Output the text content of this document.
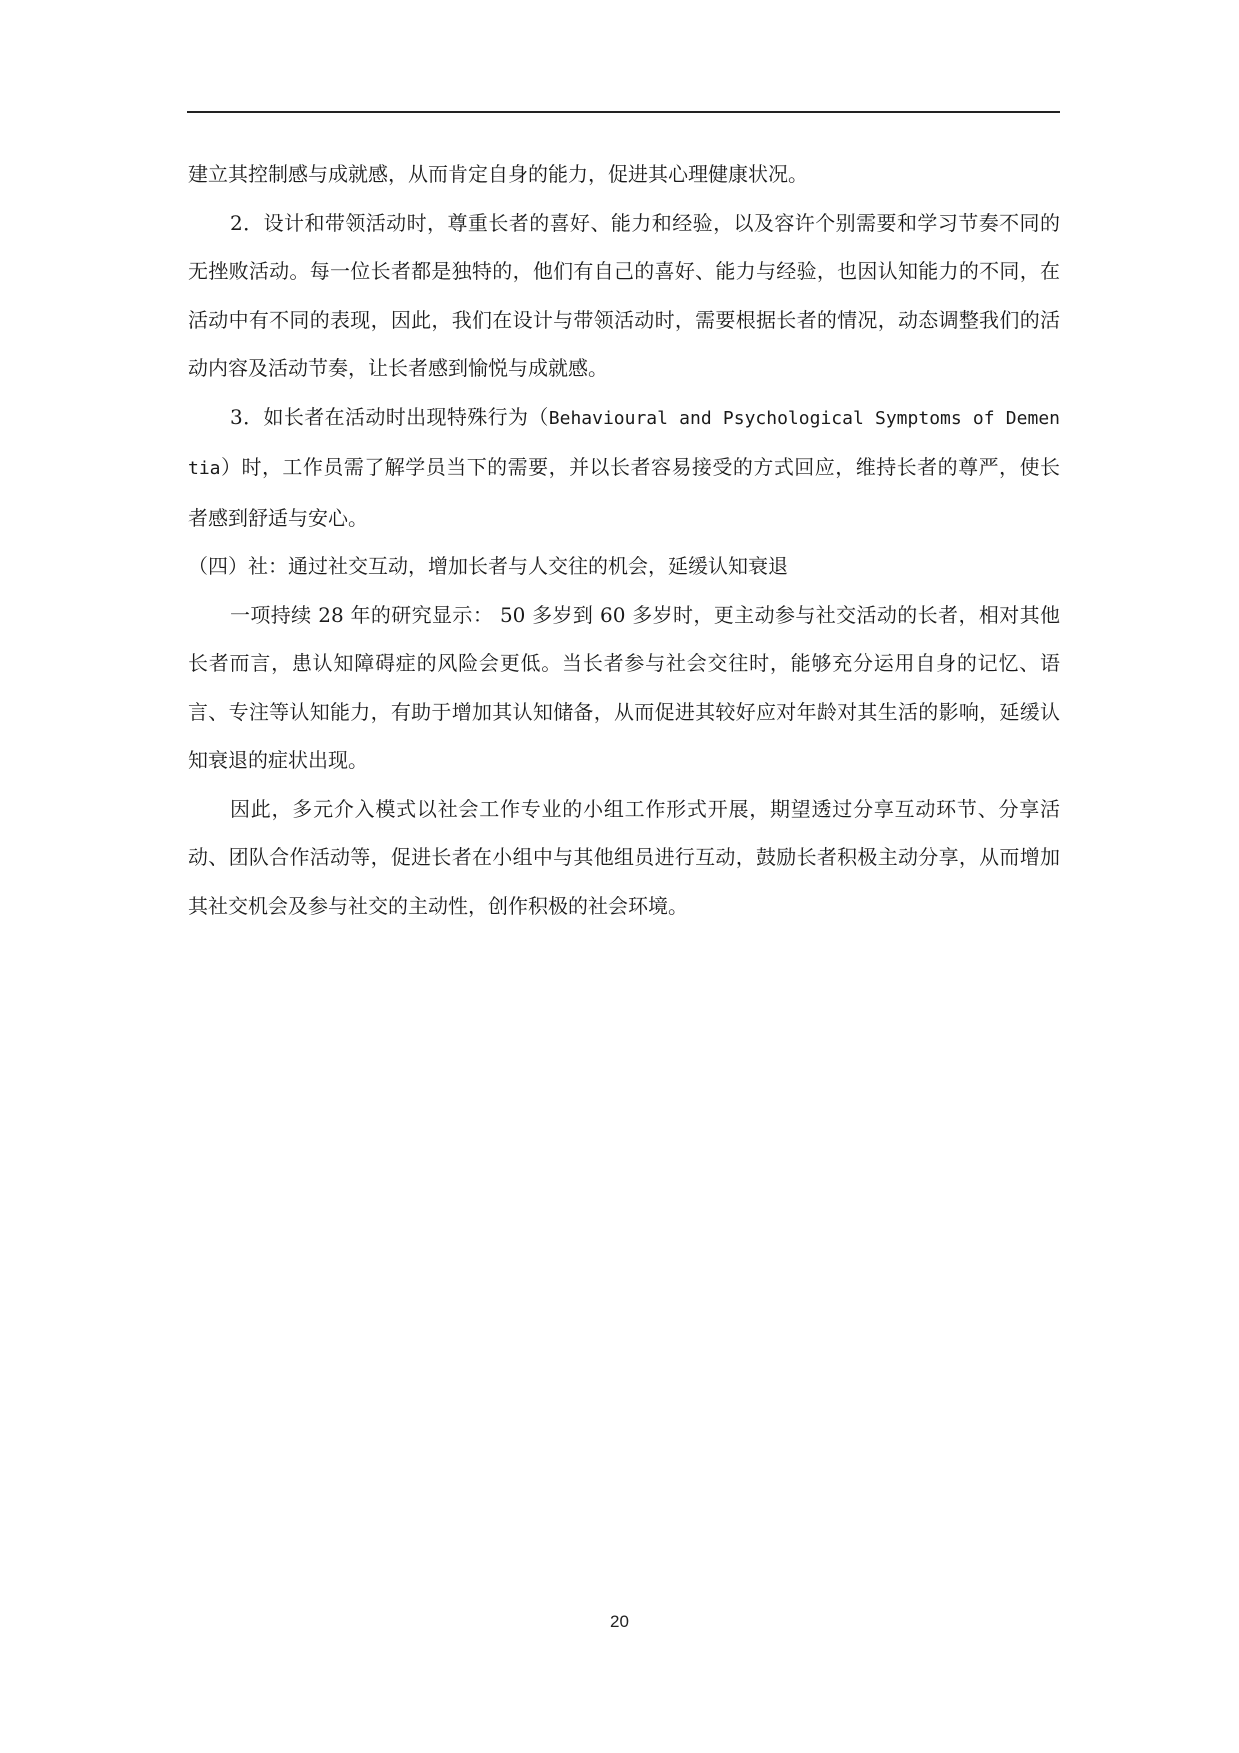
建立其控制感与成就感，从而肯定自身的能力，促进其心理健康状况。

2．设计和带领活动时，尊重长者的喜好、能力和经验，以及容许个别需要和学习节奏不同的无挫败活动。每一位长者都是独特的，他们有自己的喜好、能力与经验，也因认知能力的不同，在活动中有不同的表现，因此，我们在设计与带领活动时，需要根据长者的情况，动态调整我们的活动内容及活动节奏，让长者感到愉悦与成就感。

3．如长者在活动时出现特殊行为（Behavioural and Psychological Symptoms of Dementia）时，工作员需了解学员当下的需要，并以长者容易接受的方式回应，维持长者的尊严，使长者感到舒适与安心。

（四）社：通过社交互动，增加长者与人交往的机会，延缓认知衰退

一项持续 28 年的研究显示： 50 多岁到 60 多岁时，更主动参与社交活动的长者，相对其他长者而言，患认知障碍症的风险会更低。当长者参与社会交往时，能够充分运用自身的记忆、语言、专注等认知能力，有助于增加其认知储备，从而促进其较好应对年龄对其生活的影响，延缓认知衰退的症状出现。

因此，多元介入模式以社会工作专业的小组工作形式开展，期望透过分享互动环节、分享活动、团队合作活动等，促进长者在小组中与其他组员进行互动，鼓励长者积极主动分享，从而增加其社交机会及参与社交的主动性，创作积极的社会环境。

20
